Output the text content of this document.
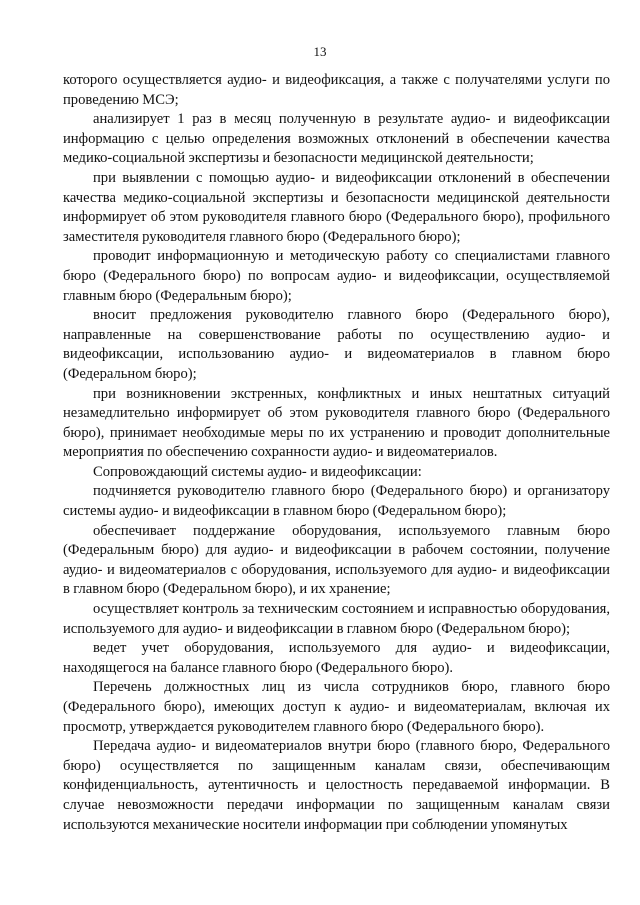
13

которого осуществляется аудио- и видеофиксация, а также с получателями услуги по проведению МСЭ;

анализирует 1 раз в месяц полученную в результате аудио- и видеофиксации информацию с целью определения возможных отклонений в обеспечении качества медико-социальной экспертизы и безопасности медицинской деятельности;

при выявлении с помощью аудио- и видеофиксации отклонений в обеспечении качества медико-социальной экспертизы и безопасности медицинской деятельности информирует об этом руководителя главного бюро (Федерального бюро), профильного заместителя руководителя главного бюро (Федерального бюро);

проводит информационную и методическую работу со специалистами главного бюро (Федерального бюро) по вопросам аудио- и видеофиксации, осуществляемой главным бюро (Федеральным бюро);

вносит предложения руководителю главного бюро (Федерального бюро), направленные на совершенствование работы по осуществлению аудио- и видеофиксации, использованию аудио- и видеоматериалов в главном бюро (Федеральном бюро);

при возникновении экстренных, конфликтных и иных нештатных ситуаций незамедлительно информирует об этом руководителя главного бюро (Федерального бюро), принимает необходимые меры по их устранению и проводит дополнительные мероприятия по обеспечению сохранности аудио- и видеоматериалов.

Сопровождающий системы аудио- и видеофиксации:

подчиняется руководителю главного бюро (Федерального бюро) и организатору системы аудио- и видеофиксации в главном бюро (Федеральном бюро);

обеспечивает поддержание оборудования, используемого главным бюро (Федеральным бюро) для аудио- и видеофиксации в рабочем состоянии, получение аудио- и видеоматериалов с оборудования, используемого для аудио- и видеофиксации в главном бюро (Федеральном бюро), и их хранение;

осуществляет контроль за техническим состоянием и исправностью оборудования, используемого для аудио- и видеофиксации в главном бюро (Федеральном бюро);

ведет учет оборудования, используемого для аудио- и видеофиксации, находящегося на балансе главного бюро (Федерального бюро).

Перечень должностных лиц из числа сотрудников бюро, главного бюро (Федерального бюро), имеющих доступ к аудио- и видеоматериалам, включая их просмотр, утверждается руководителем главного бюро (Федерального бюро).

Передача аудио- и видеоматериалов внутри бюро (главного бюро, Федерального бюро) осуществляется по защищенным каналам связи, обеспечивающим конфиденциальность, аутентичность и целостность передаваемой информации. В случае невозможности передачи информации по защищенным каналам связи используются механические носители информации при соблюдении упомянутых
